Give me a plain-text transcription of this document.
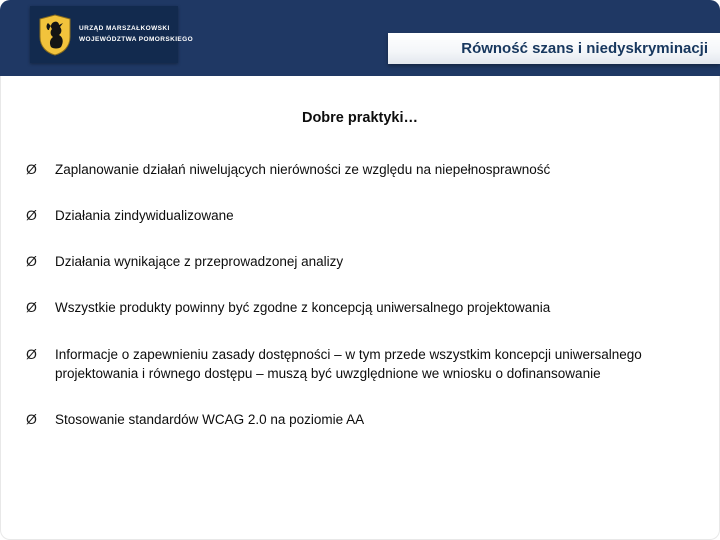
URZĄD MARSZAŁKOWSKI
WOJEWÓDZTWA POMORSKIEGO
Równość szans i niedyskryminacji
Dobre praktyki…
Ø	Zaplanowanie działań niwelujących nierówności ze względu na niepełnosprawność
Ø	Działania zindywidualizowane
Ø	Działania wynikające z przeprowadzonej analizy
Ø	Wszystkie produkty powinny być zgodne z koncepcją uniwersalnego projektowania
Ø	Informacje o zapewnieniu zasady dostępności – w tym przede wszystkim koncepcji uniwersalnego projektowania i równego dostępu – muszą być uwzględnione we wniosku o dofinansowanie
Ø	Stosowanie standardów WCAG 2.0 na poziomie AA
